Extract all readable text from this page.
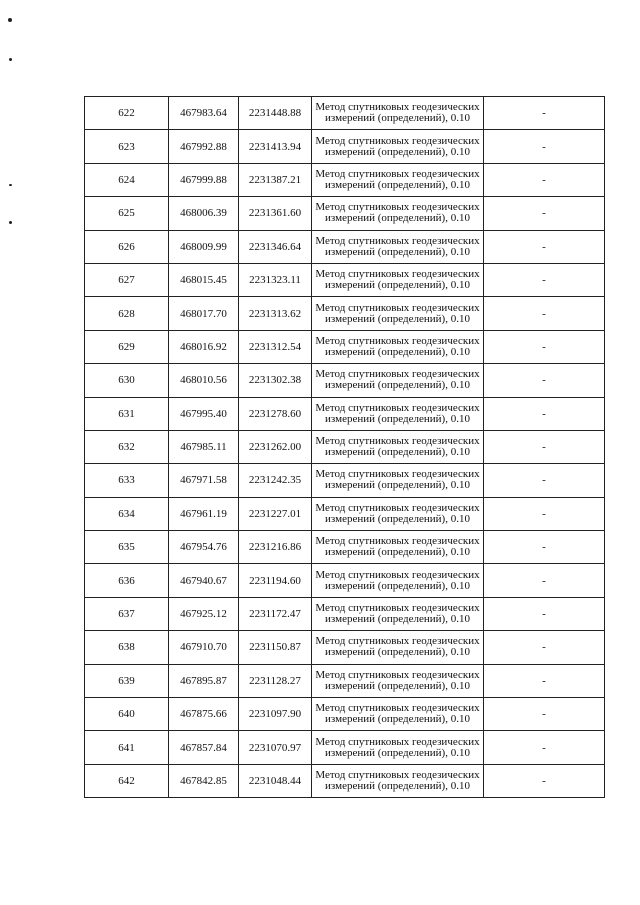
622	467983.64	2231448.88	Метод спутниковых геодезических измерений (определений), 0.10	-
623	467992.88	2231413.94	Метод спутниковых геодезических измерений (определений), 0.10	-
624	467999.88	2231387.21	Метод спутниковых геодезических измерений (определений), 0.10	-
625	468006.39	2231361.60	Метод спутниковых геодезических измерений (определений), 0.10	-
626	468009.99	2231346.64	Метод спутниковых геодезических измерений (определений), 0.10	-
627	468015.45	2231323.11	Метод спутниковых геодезических измерений (определений), 0.10	-
628	468017.70	2231313.62	Метод спутниковых геодезических измерений (определений), 0.10	-
629	468016.92	2231312.54	Метод спутниковых геодезических измерений (определений), 0.10	-
630	468010.56	2231302.38	Метод спутниковых геодезических измерений (определений), 0.10	-
631	467995.40	2231278.60	Метод спутниковых геодезических измерений (определений), 0.10	-
632	467985.11	2231262.00	Метод спутниковых геодезических измерений (определений), 0.10	-
633	467971.58	2231242.35	Метод спутниковых геодезических измерений (определений), 0.10	-
634	467961.19	2231227.01	Метод спутниковых геодезических измерений (определений), 0.10	-
635	467954.76	2231216.86	Метод спутниковых геодезических измерений (определений), 0.10	-
636	467940.67	2231194.60	Метод спутниковых геодезических измерений (определений), 0.10	-
637	467925.12	2231172.47	Метод спутниковых геодезических измерений (определений), 0.10	-
638	467910.70	2231150.87	Метод спутниковых геодезических измерений (определений), 0.10	-
639	467895.87	2231128.27	Метод спутниковых геодезических измерений (определений), 0.10	-
640	467875.66	2231097.90	Метод спутниковых геодезических измерений (определений), 0.10	-
641	467857.84	2231070.97	Метод спутниковых геодезических измерений (определений), 0.10	-
642	467842.85	2231048.44	Метод спутниковых геодезических измерений (определений), 0.10	-
